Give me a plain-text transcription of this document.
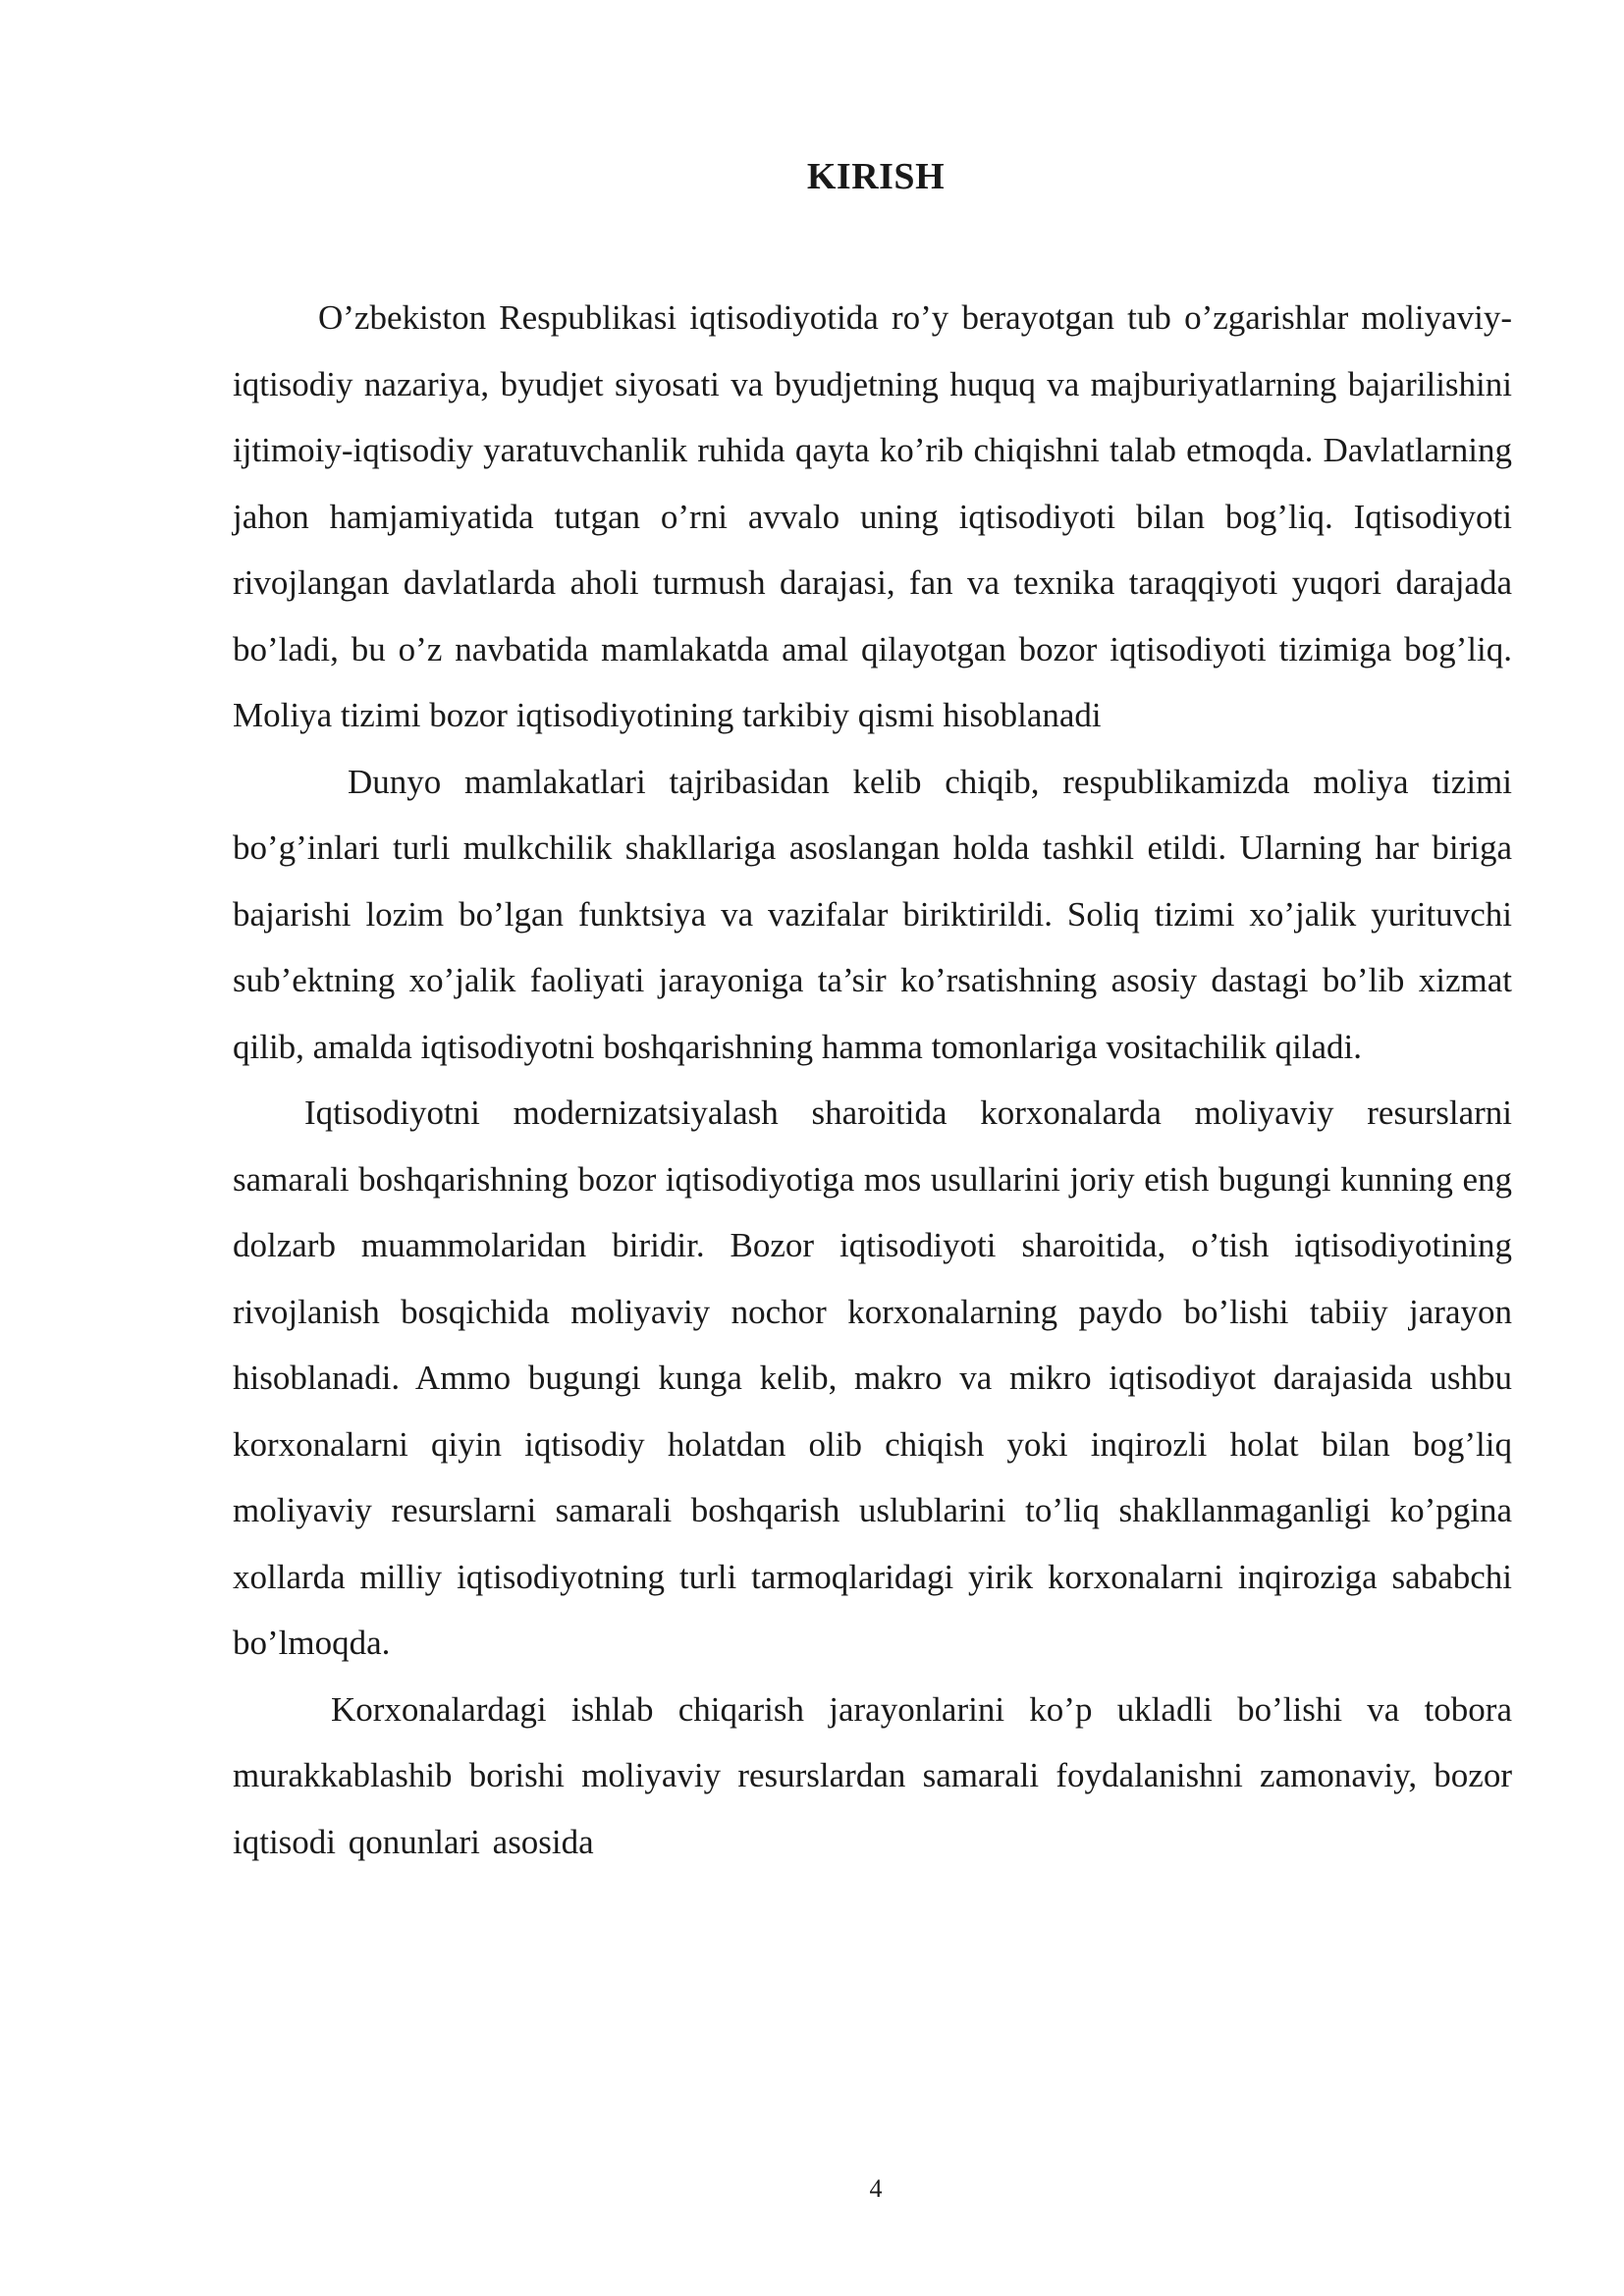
KIRISH

O’zbekiston Respublikasi iqtisodiyotida ro’y berayotgan tub o’zgarishlar moliyaviy-iqtisodiy nazariya, byudjet siyosati va byudjetning huquq va majburiyatlarning bajarilishini ijtimoiy-iqtisodiy yaratuvchanlik ruhida qayta ko’rib chiqishni talab etmoqda. Davlatlarning jahon hamjamiyatida tutgan o’rni avvalo uning iqtisodiyoti bilan bog’liq. Iqtisodiyoti rivojlangan davlatlarda aholi turmush darajasi, fan va texnika taraqqiyoti yuqori darajada bo’ladi, bu o’z navbatida mamlakatda amal qilayotgan bozor iqtisodiyoti tizimiga bog’liq. Moliya tizimi bozor iqtisodiyotining tarkibiy qismi hisoblanadi

Dunyo mamlakatlari tajribasidan kelib chiqib, respublikamizda moliya tizimi bo’g’inlari turli mulkchilik shakllariga asoslangan holda tashkil etildi. Ularning har biriga bajarishi lozim bo’lgan funktsiya va vazifalar biriktirildi. Soliq tizimi xo’jalik yurituvchi sub’ektning xo’jalik faoliyati jarayoniga ta’sir ko’rsatishning asosiy dastagi bo’lib xizmat qilib, amalda iqtisodiyotni boshqarishning hamma tomonlariga vositachilik qiladi.

Iqtisodiyotni modernizatsiyalash sharoitida korxonalarda moliyaviy resurslarni samarali boshqarishning bozor iqtisodiyotiga mos usullarini joriy etish bugungi kunning eng dolzarb muammolaridan biridir. Bozor iqtisodiyoti sharoitida, o’tish iqtisodiyotining rivojlanish bosqichida moliyaviy nochor korxonalarning paydo bo’lishi tabiiy jarayon hisoblanadi. Ammo bugungi kunga kelib, makro va mikro iqtisodiyot darajasida ushbu korxonalarni qiyin iqtisodiy holatdan olib chiqish yoki inqirozli holat bilan bog’liq moliyaviy resurslarni samarali boshqarish uslublarini to’liq shakllanmaganligi ko’pgina xollarda milliy iqtisodiyotning turli tarmoqlaridagi yirik korxonalarni inqiroziga sababchi bo’lmoqda.

Korxonalardagi ishlab chiqarish jarayonlarini ko’p ukladli bo’lishi va tobora murakkablashib borishi moliyaviy resurslardan samarali foydalanishni zamonaviy, bozor iqtisodi qonunlari asosida

4
